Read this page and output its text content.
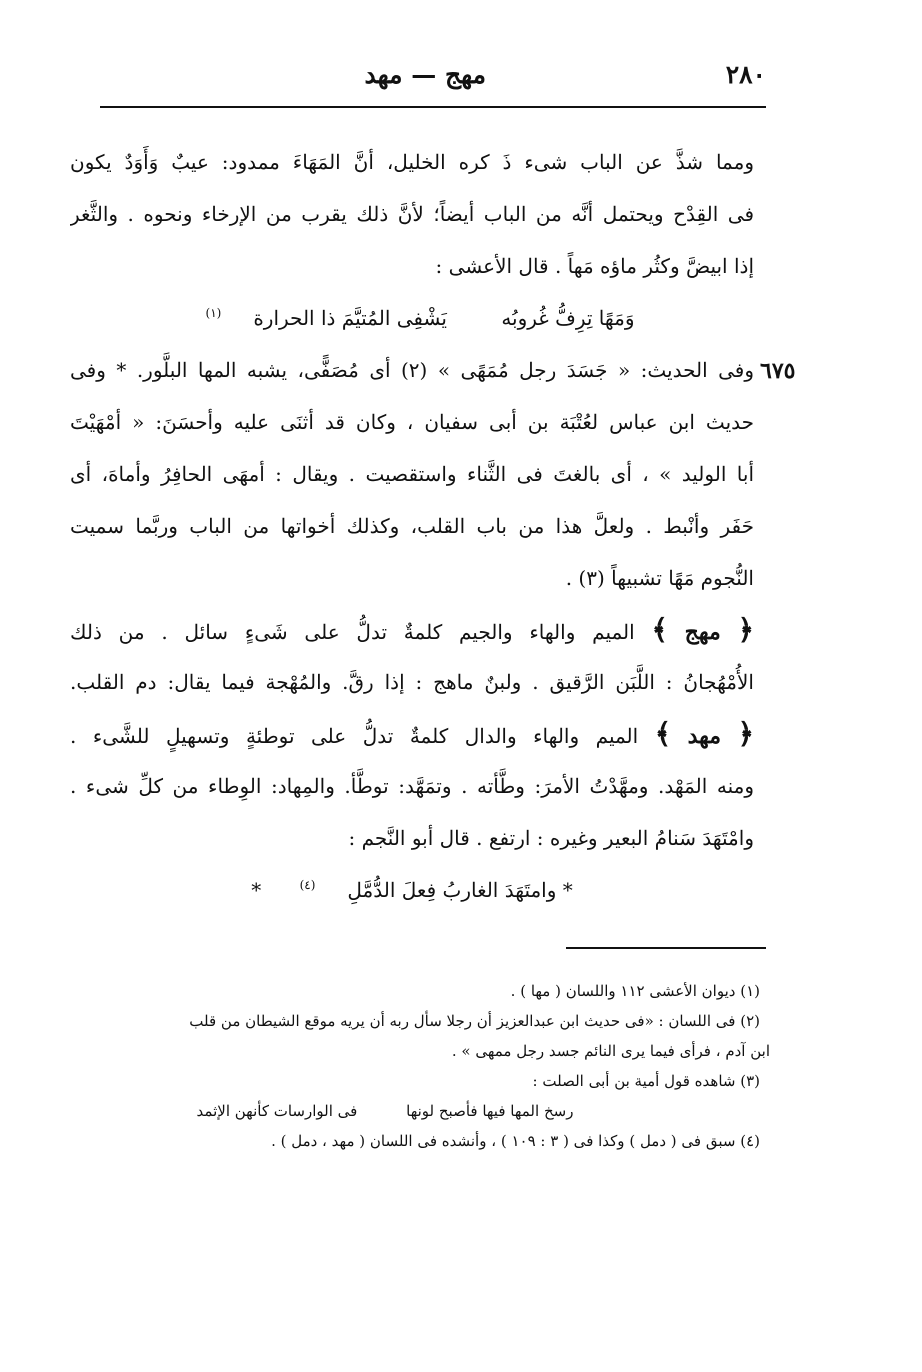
٢٨٠
مهج — مهد
٦٧٥
ومما شذَّ عن الباب شىء ذَ كره الخليل، أنَّ المَهَاءَ ممدود: عيبٌ وَأَوَدٌ يكون
فى القِدْح ويحتمل أنَّه من الباب أيضاً؛ لأنَّ ذلك يقرب من الإرخاء ونحوه . والثَّغر
إذا ابيضَّ وكثُر ماؤه مَهاً . قال الأعشى :
وَمَهًا تِرِفُّ غُروبُه يَشْفِى المُتيَّمَ ذا الحرارة(١)
وفى الحديث: « جَسَدَ رجل مُمَهًى » (٢) أى مُصَفًّى، يشبه المها البلَّور. * وفى
حديث ابن عباس لعُتْبَة بن أبى سفيان ، وكان قد أثنَى عليه وأحسَنَ: « أمْهَيْتَ
أبا الوليد » ، أى بالغتَ فى الثَّناء واستقصيت . ويقال : أمهَى الحافِرُ وأماهَ، أى
حَفَر وأنْبط . ولعلَّ هذا من باب القلب، وكذلك أخواتها من الباب وربَّما سميت
النُّجوم مَهًا تشبيهاً (٣) .
﴿ مهج ﴾ الميم والهاء والجيم كلمةٌ تدلُّ على شَىءٍ سائل . من ذلك
الأُمْهُجانُ : اللَّبَن الرَّقيق . ولبنٌ ماهج : إذا رقَّ. والمُهْجة فيما يقال: دم القلب.
﴿ مهد ﴾ الميم والهاء والدال كلمةٌ تدلُّ على توطئةٍ وتسهيلٍ للشَّىء .
ومنه المَهْد. ومهَّدْتُ الأمرَ: وطَّأته . وتمَهَّد: توطَّأ. والمِهاد: الوِطاء من كلِّ شىء .
وامْتَهَدَ سَنامُ البعير وغيره : ارتفع . قال أبو النَّجم :
* وامتَهَدَ الغاربُ فِعلَ الدُّمَّلِ(٤) *
(١) ديوان الأعشى ١١٢ واللسان ( مها ) .
(٢) فى اللسان : «فى حديث ابن عبدالعزيز أن رجلا سأل ربه أن يريه موقع الشيطان من قلب
ابن آدم ، فرأى فيما يرى النائم جسد رجل ممهى » .
(٣) شاهده قول أمية بن أبى الصلت :
رسخ المها فيها فأصبح لونها فى الوارسات كأنهن الإثمد
(٤) سبق فى ( دمل ) وكذا فى ( ٣ : ١٠٩ ) ، وأنشده فى اللسان ( مهد ، دمل ) .
